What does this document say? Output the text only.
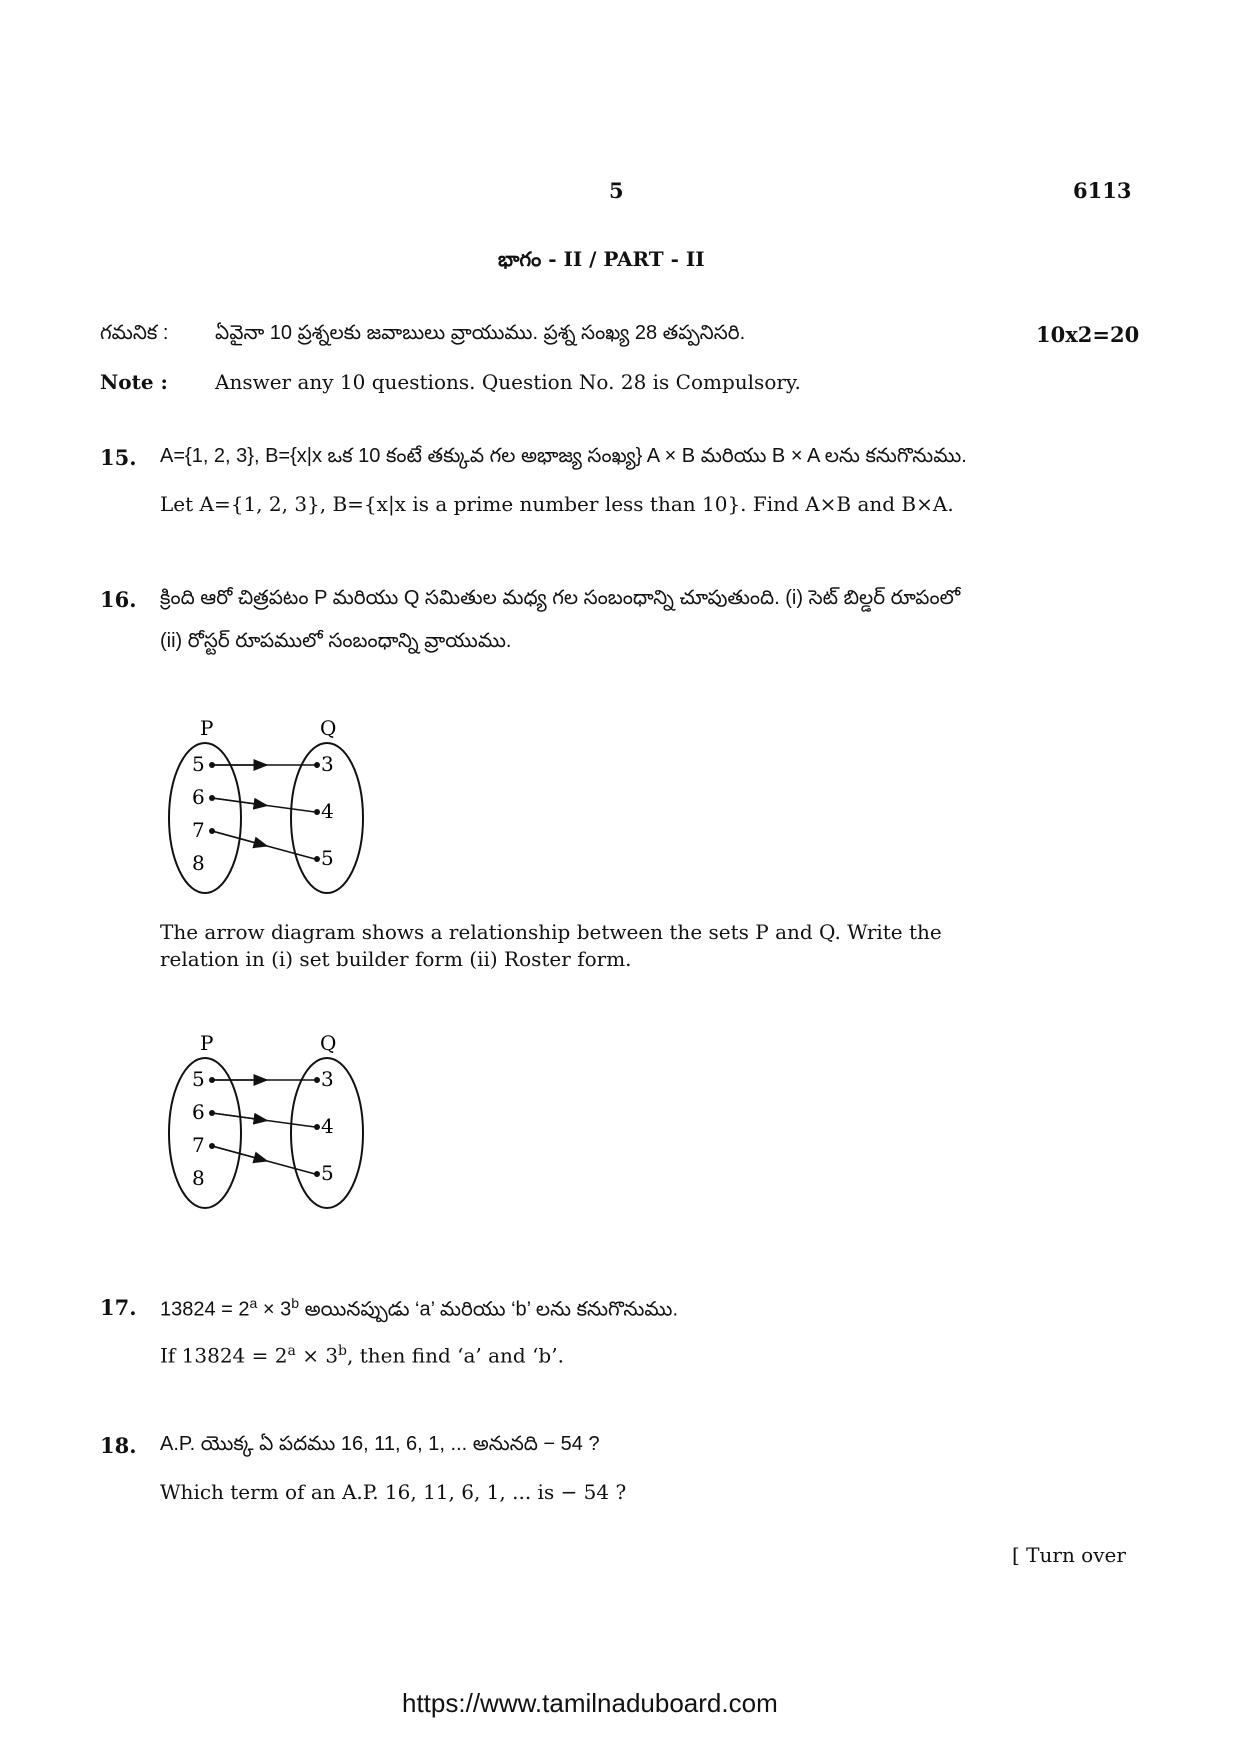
5	6113
భాగం - II / PART - II
గమనిక : ఏవైనా 10 ప్రశ్నలకు జవాబులు వ్రాయుము. ప్రశ్న సంఖ్య 28 తప్పనిసరి.	10x2=20
Note : Answer any 10 questions. Question No. 28 is Compulsory.
15. A={1, 2, 3}, B={x|x ఒక 10 కంటే తక్కువ గల అభాజ్య సంఖ్య} A × B మరియు B × A లను కనుగొనుము.
Let A={1, 2, 3}, B={x|x is a prime number less than 10}. Find A×B and B×A.
16. క్రింది ఆరో చిత్రపటం P మరియు Q సమితుల మధ్య గల సంబంధాన్ని చూపుతుంది. (i) సెట్ బిల్డర్ రూపంలో
(ii) రోస్టర్ రూపములో సంబంధాన్ని వ్రాయుము.
P	Q
5
6
7
8
3
4
5
The arrow diagram shows a relationship between the sets P and Q. Write the
relation in (i) set builder form (ii) Roster form.
P	Q
5
6
7
8
3
4
5
17. $13824 = 2^a \times 3^b$ అయినప్పుడు ‘a’ మరియు ‘b’ లను కనుగొనుము.
If $13824 = 2^a \times 3^b$, then find ‘a’ and ‘b’.
18. A.P. యొక్క ఏ పదము 16, 11, 6, 1, ... అనునది − 54 ?
Which term of an A.P. 16, 11, 6, 1, ... is − 54 ?
[ Turn over
https://www.tamilnaduboard.com
